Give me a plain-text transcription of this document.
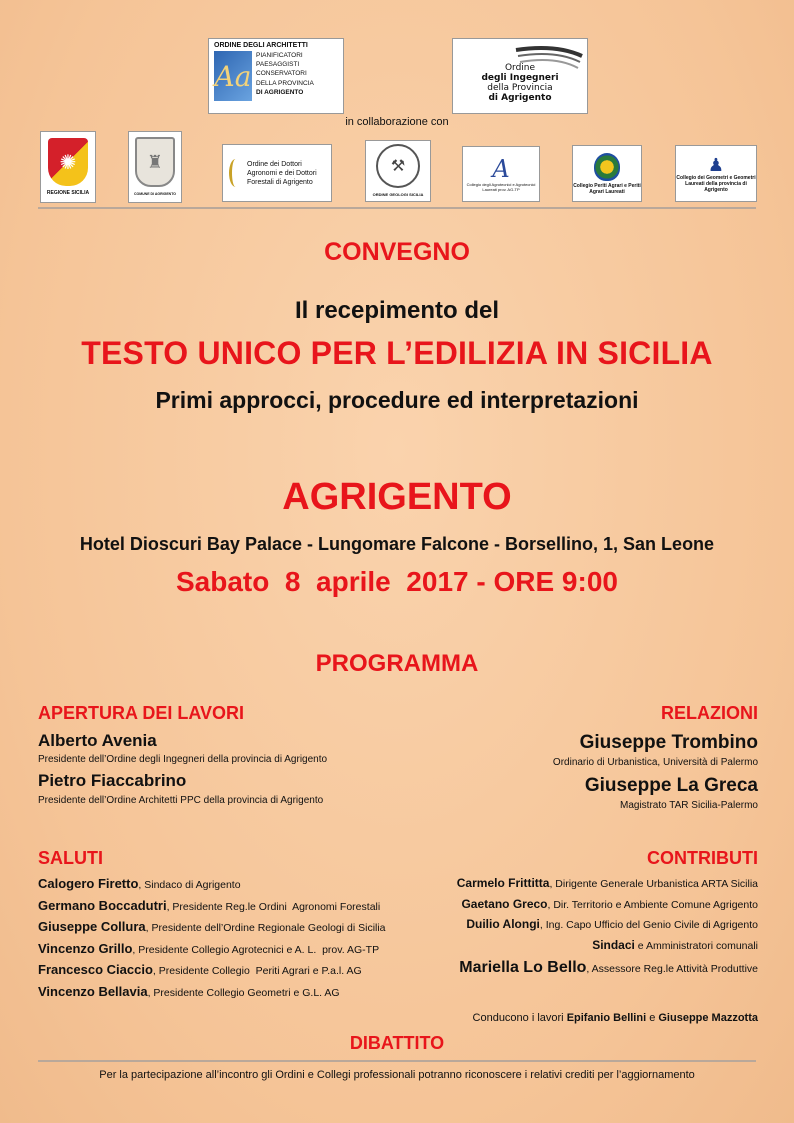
ORDINE DEGLI ARCHITETTI
Aa
PIANIFICATORI
PAESAGGISTI
CONSERVATORI
DELLA PROVINCIA
DI AGRIGENTO
Ordine
degli Ingegneri
della Provincia
di Agrigento
in collaborazione con
✺
REGIONE SICILIA
♜
COMUNE DI AGRIGENTO
Ordine dei Dottori Agronomi e dei Dottori Forestali di Agrigento
⚒
ORDINE GEOLOGI SICILIA
A
Collegio degli Agrotecnici e Agrotecnici Laureati prov. AG-TP
Collegio Periti Agrari e Periti Agrari Laureati
♟
Collegio dei Geometri e Geometri Laureati della provincia di Agrigento
CONVEGNO
Il recepimento del
TESTO UNICO PER L’EDILIZIA IN SICILIA
Primi approcci, procedure ed interpretazioni
AGRIGENTO
Hotel Dioscuri Bay Palace - Lungomare Falcone - Borsellino, 1, San Leone
Sabato  8  aprile  2017 - ORE 9:00
PROGRAMMA
APERTURA DEI LAVORI
Alberto Avenia
Presidente dell’Ordine degli Ingegneri della provincia di Agrigento
Pietro Fiaccabrino
Presidente dell’Ordine Architetti PPC della provincia di Agrigento
RELAZIONI
Giuseppe Trombino
Ordinario di Urbanistica, Università di Palermo
Giuseppe La Greca
Magistrato TAR Sicilia-Palermo
SALUTI
Calogero Firetto, Sindaco di Agrigento
Germano Boccadutri, Presidente Reg.le Ordini  Agronomi Forestali
Giuseppe Collura, Presidente dell’Ordine Regionale Geologi di Sicilia
Vincenzo Grillo, Presidente Collegio Agrotecnici e A. L.  prov. AG-TP
Francesco Ciaccio, Presidente Collegio  Periti Agrari e P.a.l. AG
Vincenzo Bellavia, Presidente Collegio Geometri e G.L. AG
CONTRIBUTI
Carmelo Frittitta, Dirigente Generale Urbanistica ARTA Sicilia
Gaetano Greco, Dir. Territorio e Ambiente Comune Agrigento
Duilio Alongi, Ing. Capo Ufficio del Genio Civile di Agrigento
Sindaci e Amministratori comunali
Mariella Lo Bello, Assessore Reg.le Attività Produttive

Conducono i lavori Epifanio Bellini e Giuseppe Mazzotta

DIBATTITO
Per la partecipazione all’incontro gli Ordini e Collegi professionali potranno riconoscere i relativi crediti per l’aggiornamento
